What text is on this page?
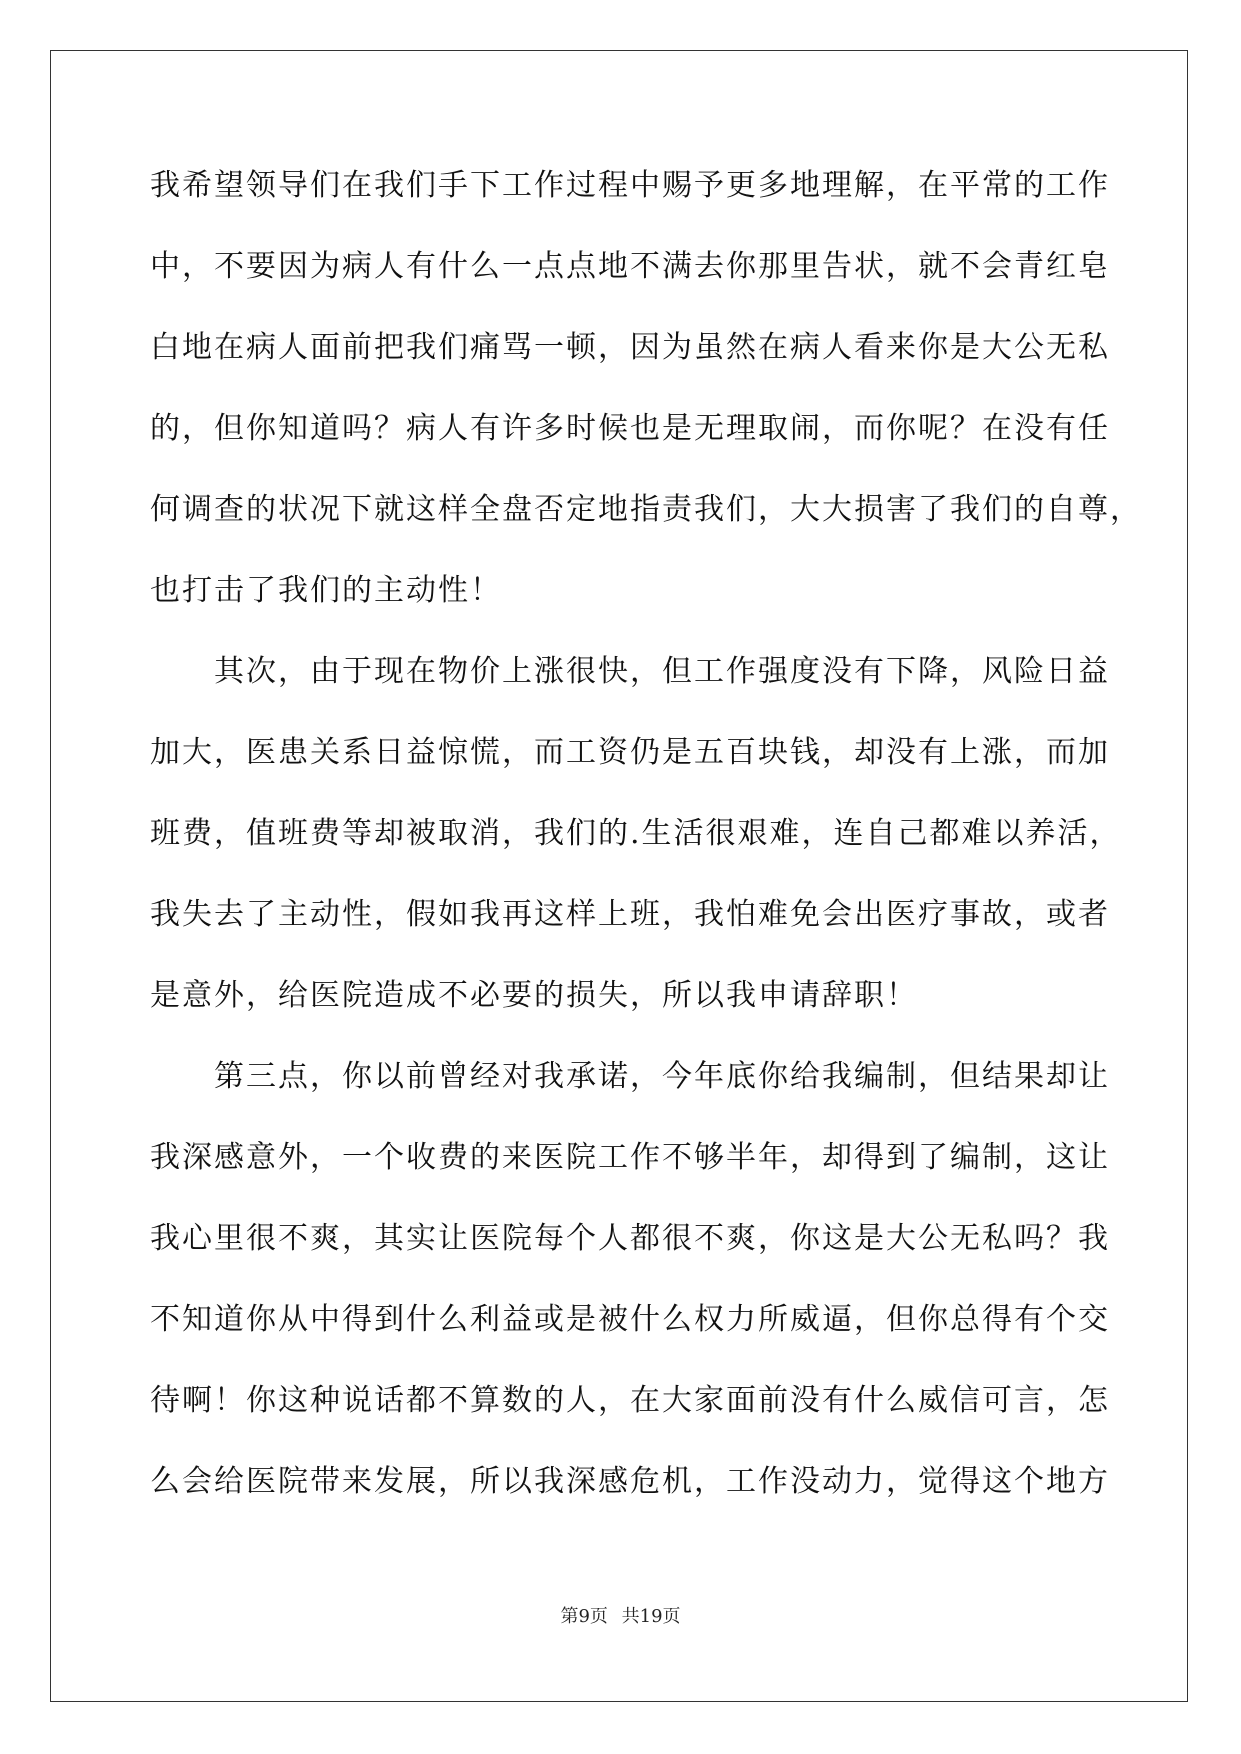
我希望领导们在我们手下工作过程中赐予更多地理解，在平常的工作
中，不要因为病人有什么一点点地不满去你那里告状，就不会青红皂
白地在病人面前把我们痛骂一顿，因为虽然在病人看来你是大公无私
的，但你知道吗？病人有许多时候也是无理取闹，而你呢？在没有任
何调查的状况下就这样全盘否定地指责我们，大大损害了我们的自尊，
也打击了我们的主动性！
　　其次，由于现在物价上涨很快，但工作强度没有下降，风险日益
加大，医患关系日益惊慌，而工资仍是五百块钱，却没有上涨，而加
班费，值班费等却被取消，我们的.生活很艰难，连自己都难以养活，
我失去了主动性，假如我再这样上班，我怕难免会出医疗事故，或者
是意外，给医院造成不必要的损失，所以我申请辞职！
　　第三点，你以前曾经对我承诺，今年底你给我编制，但结果却让
我深感意外，一个收费的来医院工作不够半年，却得到了编制，这让
我心里很不爽，其实让医院每个人都很不爽，你这是大公无私吗？我
不知道你从中得到什么利益或是被什么权力所威逼，但你总得有个交
待啊！你这种说话都不算数的人，在大家面前没有什么威信可言，怎
么会给医院带来发展，所以我深感危机，工作没动力，觉得这个地方
第9页 共19页
